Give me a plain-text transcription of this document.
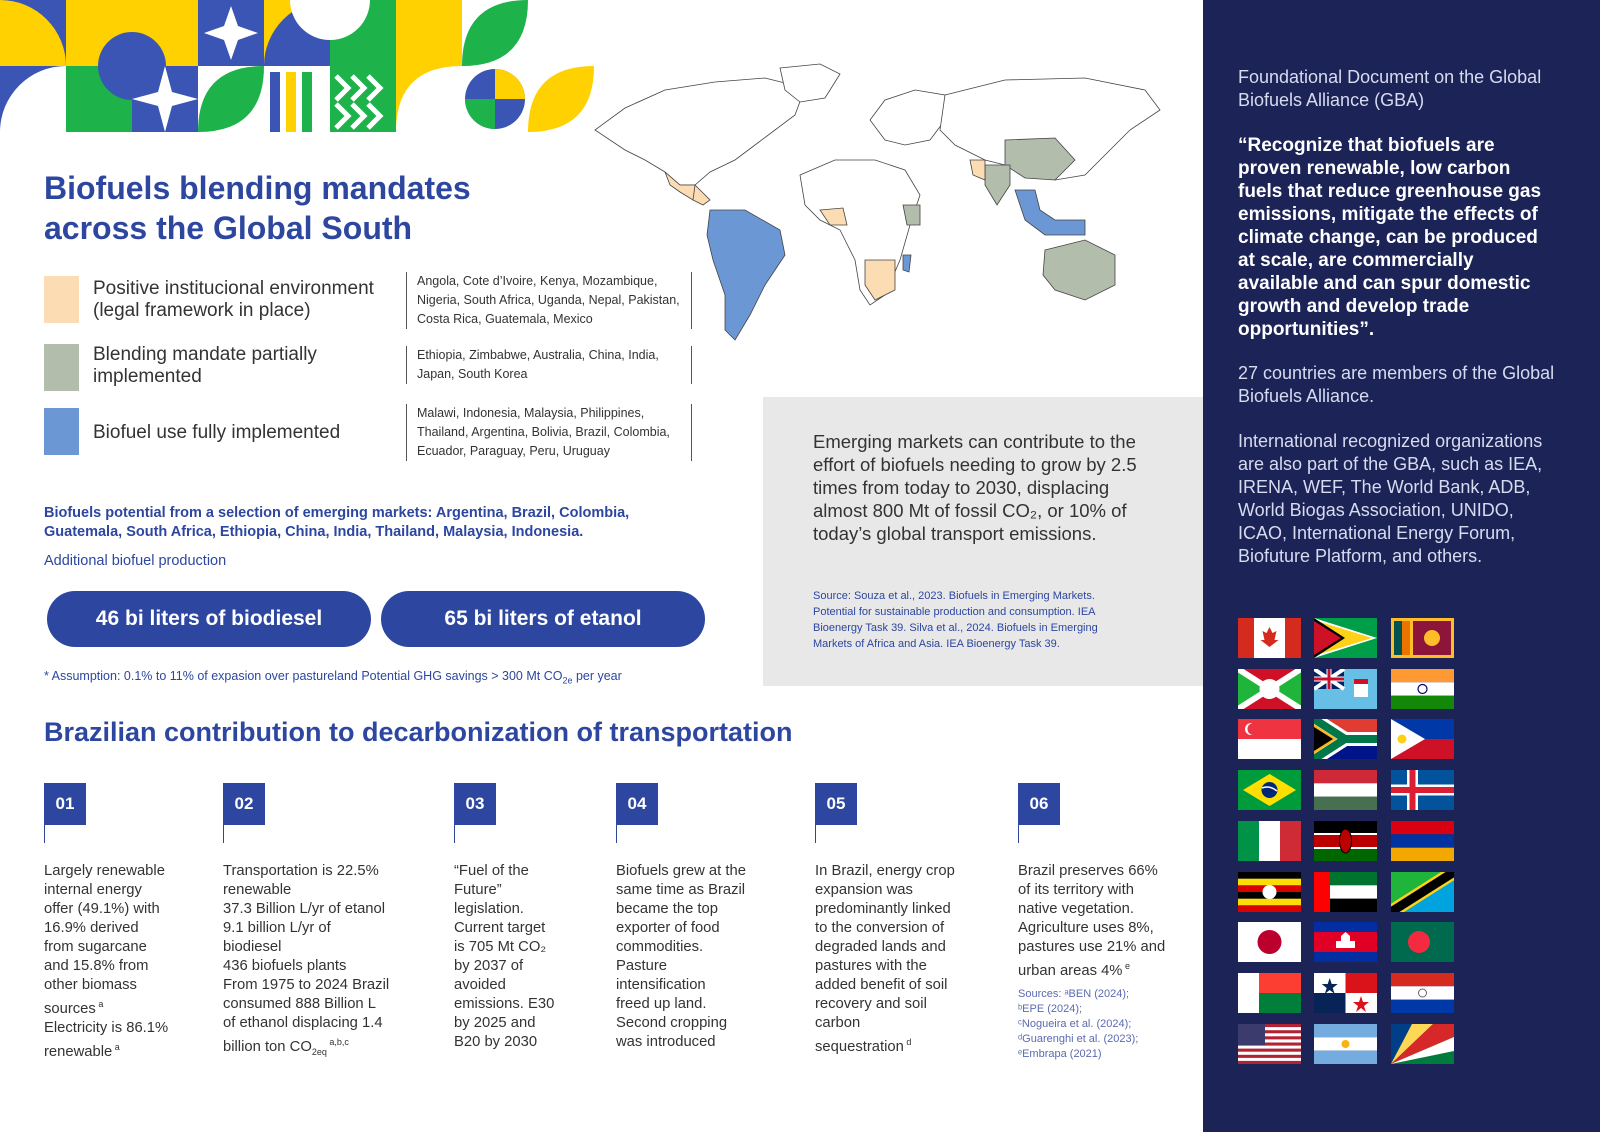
Biofuels blending mandates across the Global South
Positive institucional environment (legal framework in place)
Angola, Cote d’Ivoire, Kenya, Mozambique, Nigeria, South Africa, Uganda, Nepal, Pakistan, Costa Rica, Guatemala, Mexico
Blending mandate partially implemented
Ethiopia, Zimbabwe, Australia, China, India, Japan, South Korea
Biofuel use fully implemented
Malawi, Indonesia, Malaysia, Philippines, Thailand, Argentina, Bolivia, Brazil, Colombia, Ecuador, Paraguay, Peru, Uruguay
Biofuels potential from a selection of emerging markets: Argentina, Brazil, Colombia, Guatemala, South Africa, Ethiopia, China, India, Thailand, Malaysia, Indonesia.
Additional biofuel production
46 bi liters of biodiesel	65 bi liters of etanol
* Assumption: 0.1% to 11% of expasion over pastureland Potential GHG savings > 300 Mt $CO_{2e}$ per year
Emerging markets can contribute to the effort of biofuels needing to grow by 2.5 times from today to 2030, displacing almost 800 Mt of fossil CO₂, or 10% of today’s global transport emissions.
Source: Souza et al., 2023. Biofuels in Emerging Markets. Potential for sustainable production and consumption. IEA Bioenergy Task 39. Silva et al., 2024. Biofuels in Emerging Markets of Africa and Asia. IEA Bioenergy Task 39.
Brazilian contribution to decarbonization of transportation
01
Largely renewable
internal energy
offer (49.1%) with
16.9% derived
from sugarcane
and 15.8% from
other biomass
sources $^a$
Electricity is 86.1%
renewable $^a$
02
Transportation is 22.5%
renewable
37.3 Billion L/yr of etanol
9.1 billion L/yr of
biodiesel
436 biofuels plants
From 1975 to 2024 Brazil
consumed 888 Billion L
of ethanol displacing 1.4
billion ton $CO_{2eq}$ $^{a,b,c}$
03
“Fuel of the
Future”
legislation.
Current target
is 705 Mt CO₂
by 2037 of
avoided
emissions. E30
by 2025 and
B20 by 2030
04
Biofuels grew at the
same time as Brazil
became the top
exporter of food
commodities.
Pasture
intensification
freed up land.
Second cropping
was introduced
05
In Brazil, energy crop
expansion was
predominantly linked
to the conversion of
degraded lands and
pastures with the
added benefit of soil
recovery and soil
carbon
sequestration $^d$
06
Brazil preserves 66%
of its territory with
native vegetation.
Agriculture uses 8%,
pastures use 21% and
urban areas 4% $^e$
Sources: ᵃBEN (2024);
ᵇEPE (2024);
ᶜNogueira et al. (2024);
ᵈGuarenghi et al. (2023);
ᵉEmbrapa (2021)
Foundational Document on the Global Biofuels Alliance (GBA)
“Recognize that biofuels are proven renewable, low carbon fuels that reduce greenhouse gas emissions, mitigate the effects of climate change, can be produced at scale, are commercially available and can spur domestic growth and develop trade opportunities”.
27 countries are members of the Global Biofuels Alliance.
International recognized organizations are also part of the GBA, such as IEA, IRENA, WEF, The World Bank, ADB, World Biogas Association, UNIDO, ICAO, International Energy Forum, Biofuture Platform, and others.
